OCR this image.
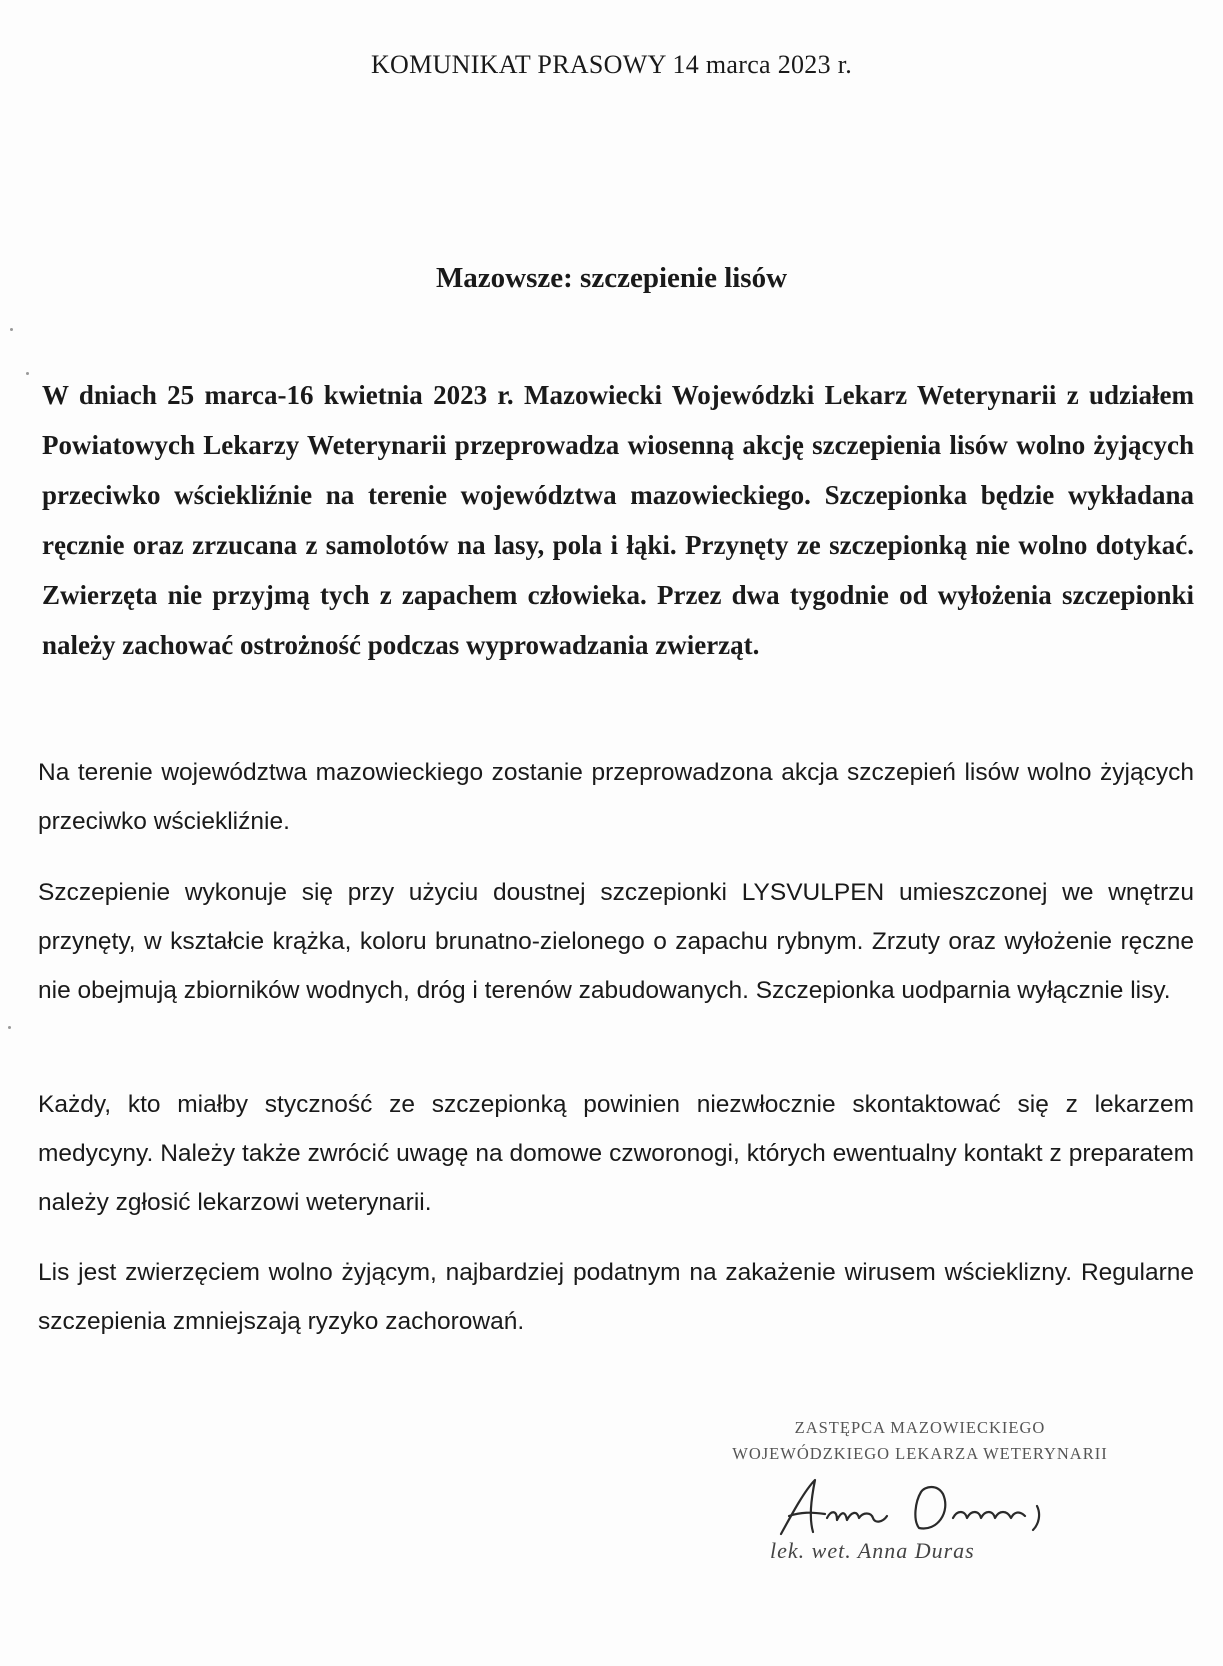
KOMUNIKAT PRASOWY 14 marca 2023 r.
Mazowsze: szczepienie lisów

W dniach 25 marca-16 kwietnia 2023 r. Mazowiecki Wojewódzki Lekarz Weterynarii z udziałem Powiatowych Lekarzy Weterynarii przeprowadza wiosenną akcję szczepienia lisów wolno żyjących przeciwko wściekliźnie na terenie województwa mazowieckiego. Szczepionka będzie wykładana ręcznie oraz zrzucana z samolotów na lasy, pola i łąki. Przynęty ze szczepionką nie wolno dotykać. Zwierzęta nie przyjmą tych z zapachem człowieka. Przez dwa tygodnie od wyłożenia szczepionki należy zachować ostrożność podczas wyprowadzania zwierząt.

Na terenie województwa mazowieckiego zostanie przeprowadzona akcja szczepień lisów wolno żyjących przeciwko wściekliźnie.

Szczepienie wykonuje się przy użyciu doustnej szczepionki LYSVULPEN umieszczonej we wnętrzu przynęty, w kształcie krążka, koloru brunatno-zielonego o zapachu rybnym. Zrzuty oraz wyłożenie ręczne nie obejmują zbiorników wodnych, dróg i terenów zabudowanych. Szczepionka uodparnia wyłącznie lisy.

Każdy, kto miałby styczność ze szczepionką powinien niezwłocznie skontaktować się z lekarzem medycyny. Należy także zwrócić uwagę na domowe czworonogi, których ewentualny kontakt z preparatem należy zgłosić lekarzowi weterynarii.

Lis jest zwierzęciem wolno żyjącym, najbardziej podatnym na zakażenie wirusem wścieklizny. Regularne szczepienia zmniejszają ryzyko zachorowań.

ZASTĘPCA MAZOWIECKIEGO
WOJEWÓDZKIEGO LEKARZA WETERYNARII
lek. wet. Anna Duras
